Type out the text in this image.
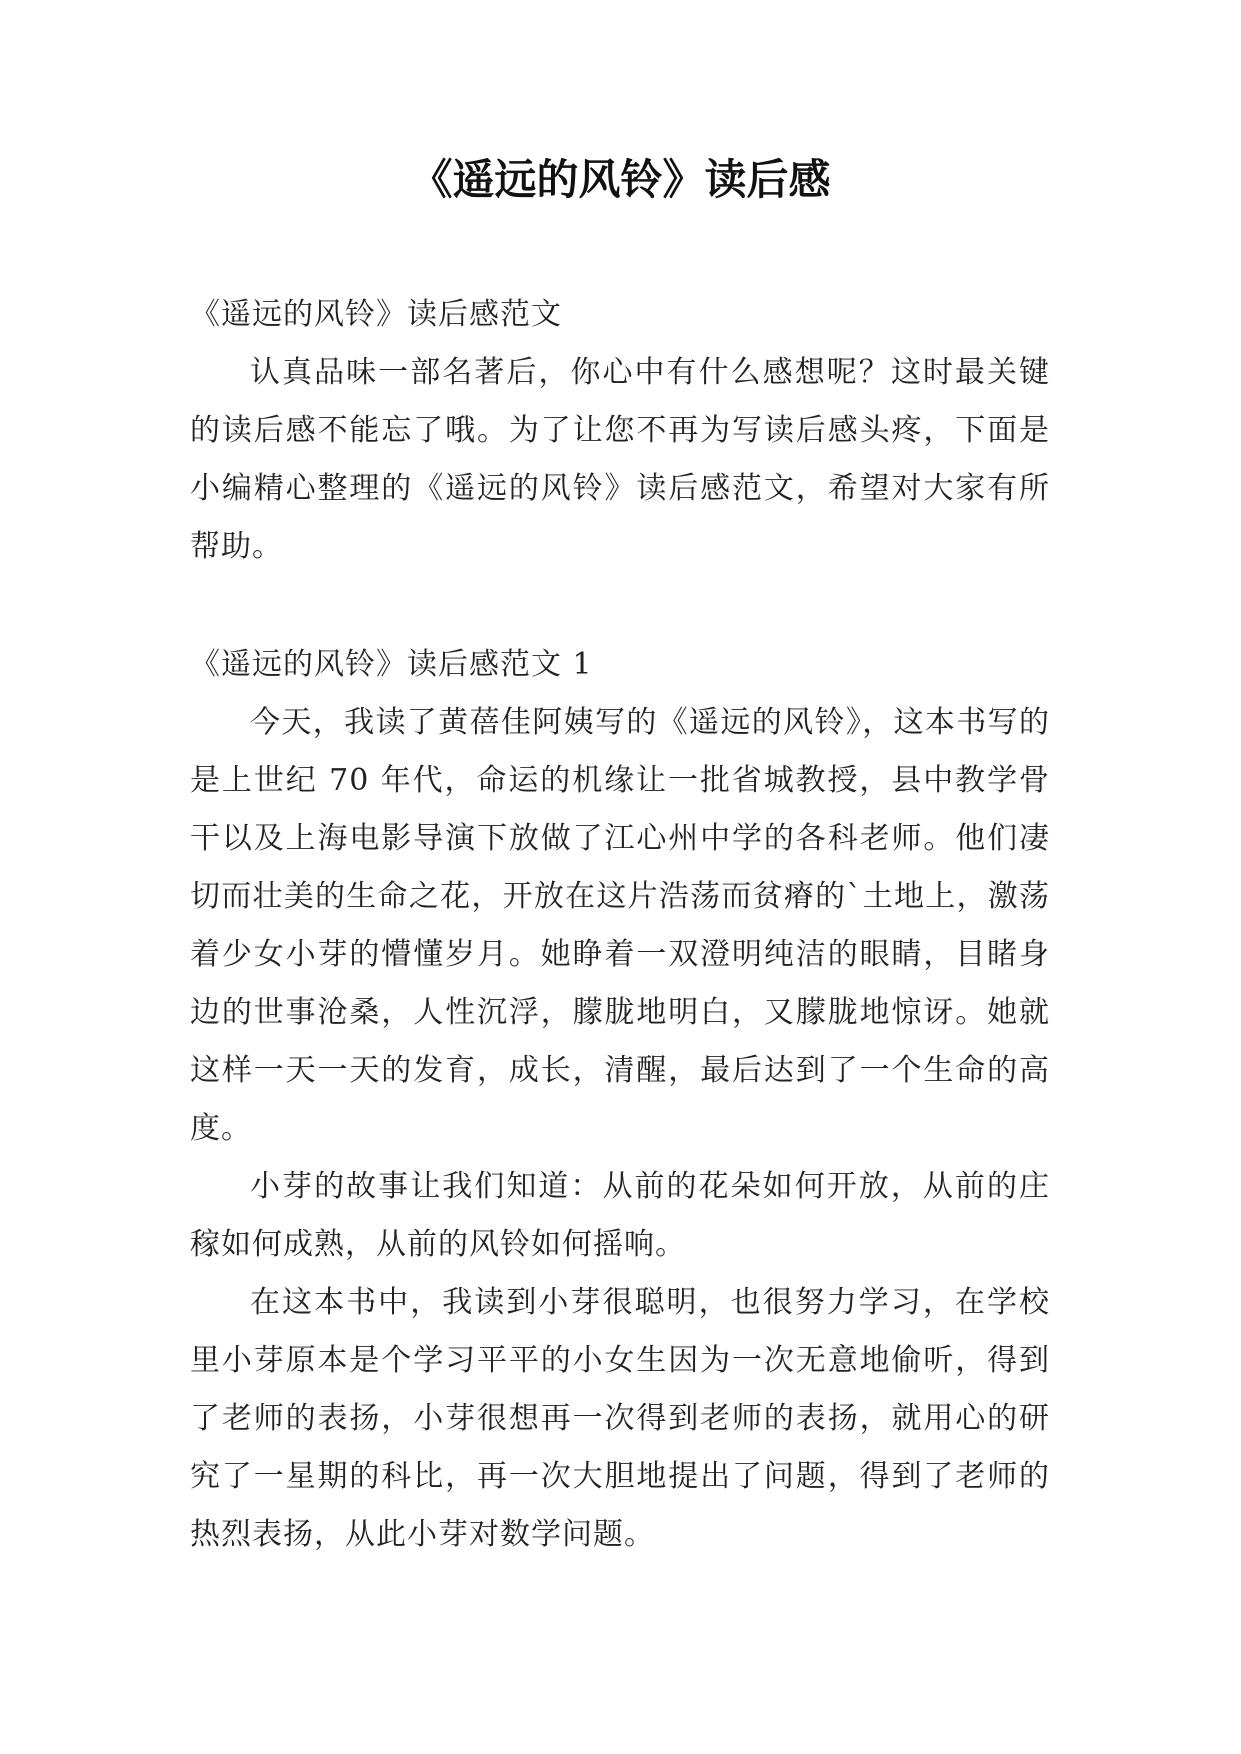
《遥远的风铃》读后感

《遥远的风铃》读后感范文

认真品味一部名著后，你心中有什么感想呢？这时最关键的读后感不能忘了哦。为了让您不再为写读后感头疼，下面是小编精心整理的《遥远的风铃》读后感范文，希望对大家有所帮助。

《遥远的风铃》读后感范文 1

今天，我读了黄蓓佳阿姨写的《遥远的风铃》，这本书写的是上世纪 70 年代，命运的机缘让一批省城教授，县中教学骨干以及上海电影导演下放做了江心州中学的各科老师。他们凄切而壮美的生命之花，开放在这片浩荡而贫瘠的`土地上，激荡着少女小芽的懵懂岁月。她睁着一双澄明纯洁的眼睛，目睹身边的世事沧桑，人性沉浮，朦胧地明白，又朦胧地惊讶。她就这样一天一天的发育，成长，清醒，最后达到了一个生命的高度。

小芽的故事让我们知道：从前的花朵如何开放，从前的庄稼如何成熟，从前的风铃如何摇响。

在这本书中，我读到小芽很聪明，也很努力学习，在学校里小芽原本是个学习平平的小女生因为一次无意地偷听，得到了老师的表扬，小芽很想再一次得到老师的表扬，就用心的研究了一星期的科比，再一次大胆地提出了问题，得到了老师的热烈表扬，从此小芽对数学问题。
